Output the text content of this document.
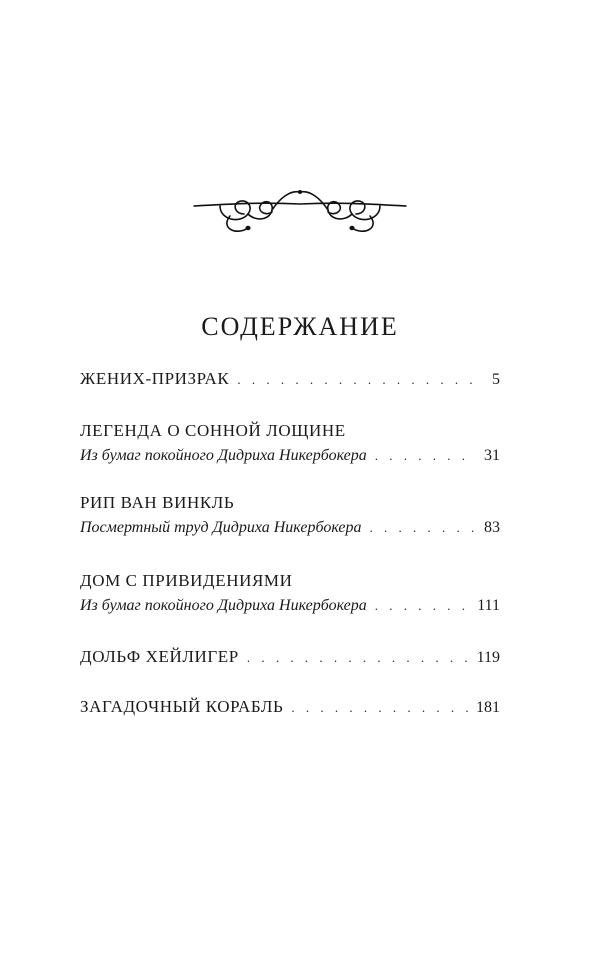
СОДЕРЖАНИЕ
ЖЕНИХ-ПРИЗРАК . . .	5
ЛЕГЕНДА О СОННОЙ ЛОЩИНЕ
Из бумаг покойного Дидриха Никербокера . . .	31
РИП ВАН ВИНКЛЬ
Посмертный труд Дидриха Никербокера . . .	83
ДОМ С ПРИВИДЕНИЯМИ
Из бумаг покойного Дидриха Никербокера . . .	111
ДОЛЬФ ХЕЙЛИГЕР . . .	119
ЗАГАДОЧНЫЙ КОРАБЛЬ . . .	181
